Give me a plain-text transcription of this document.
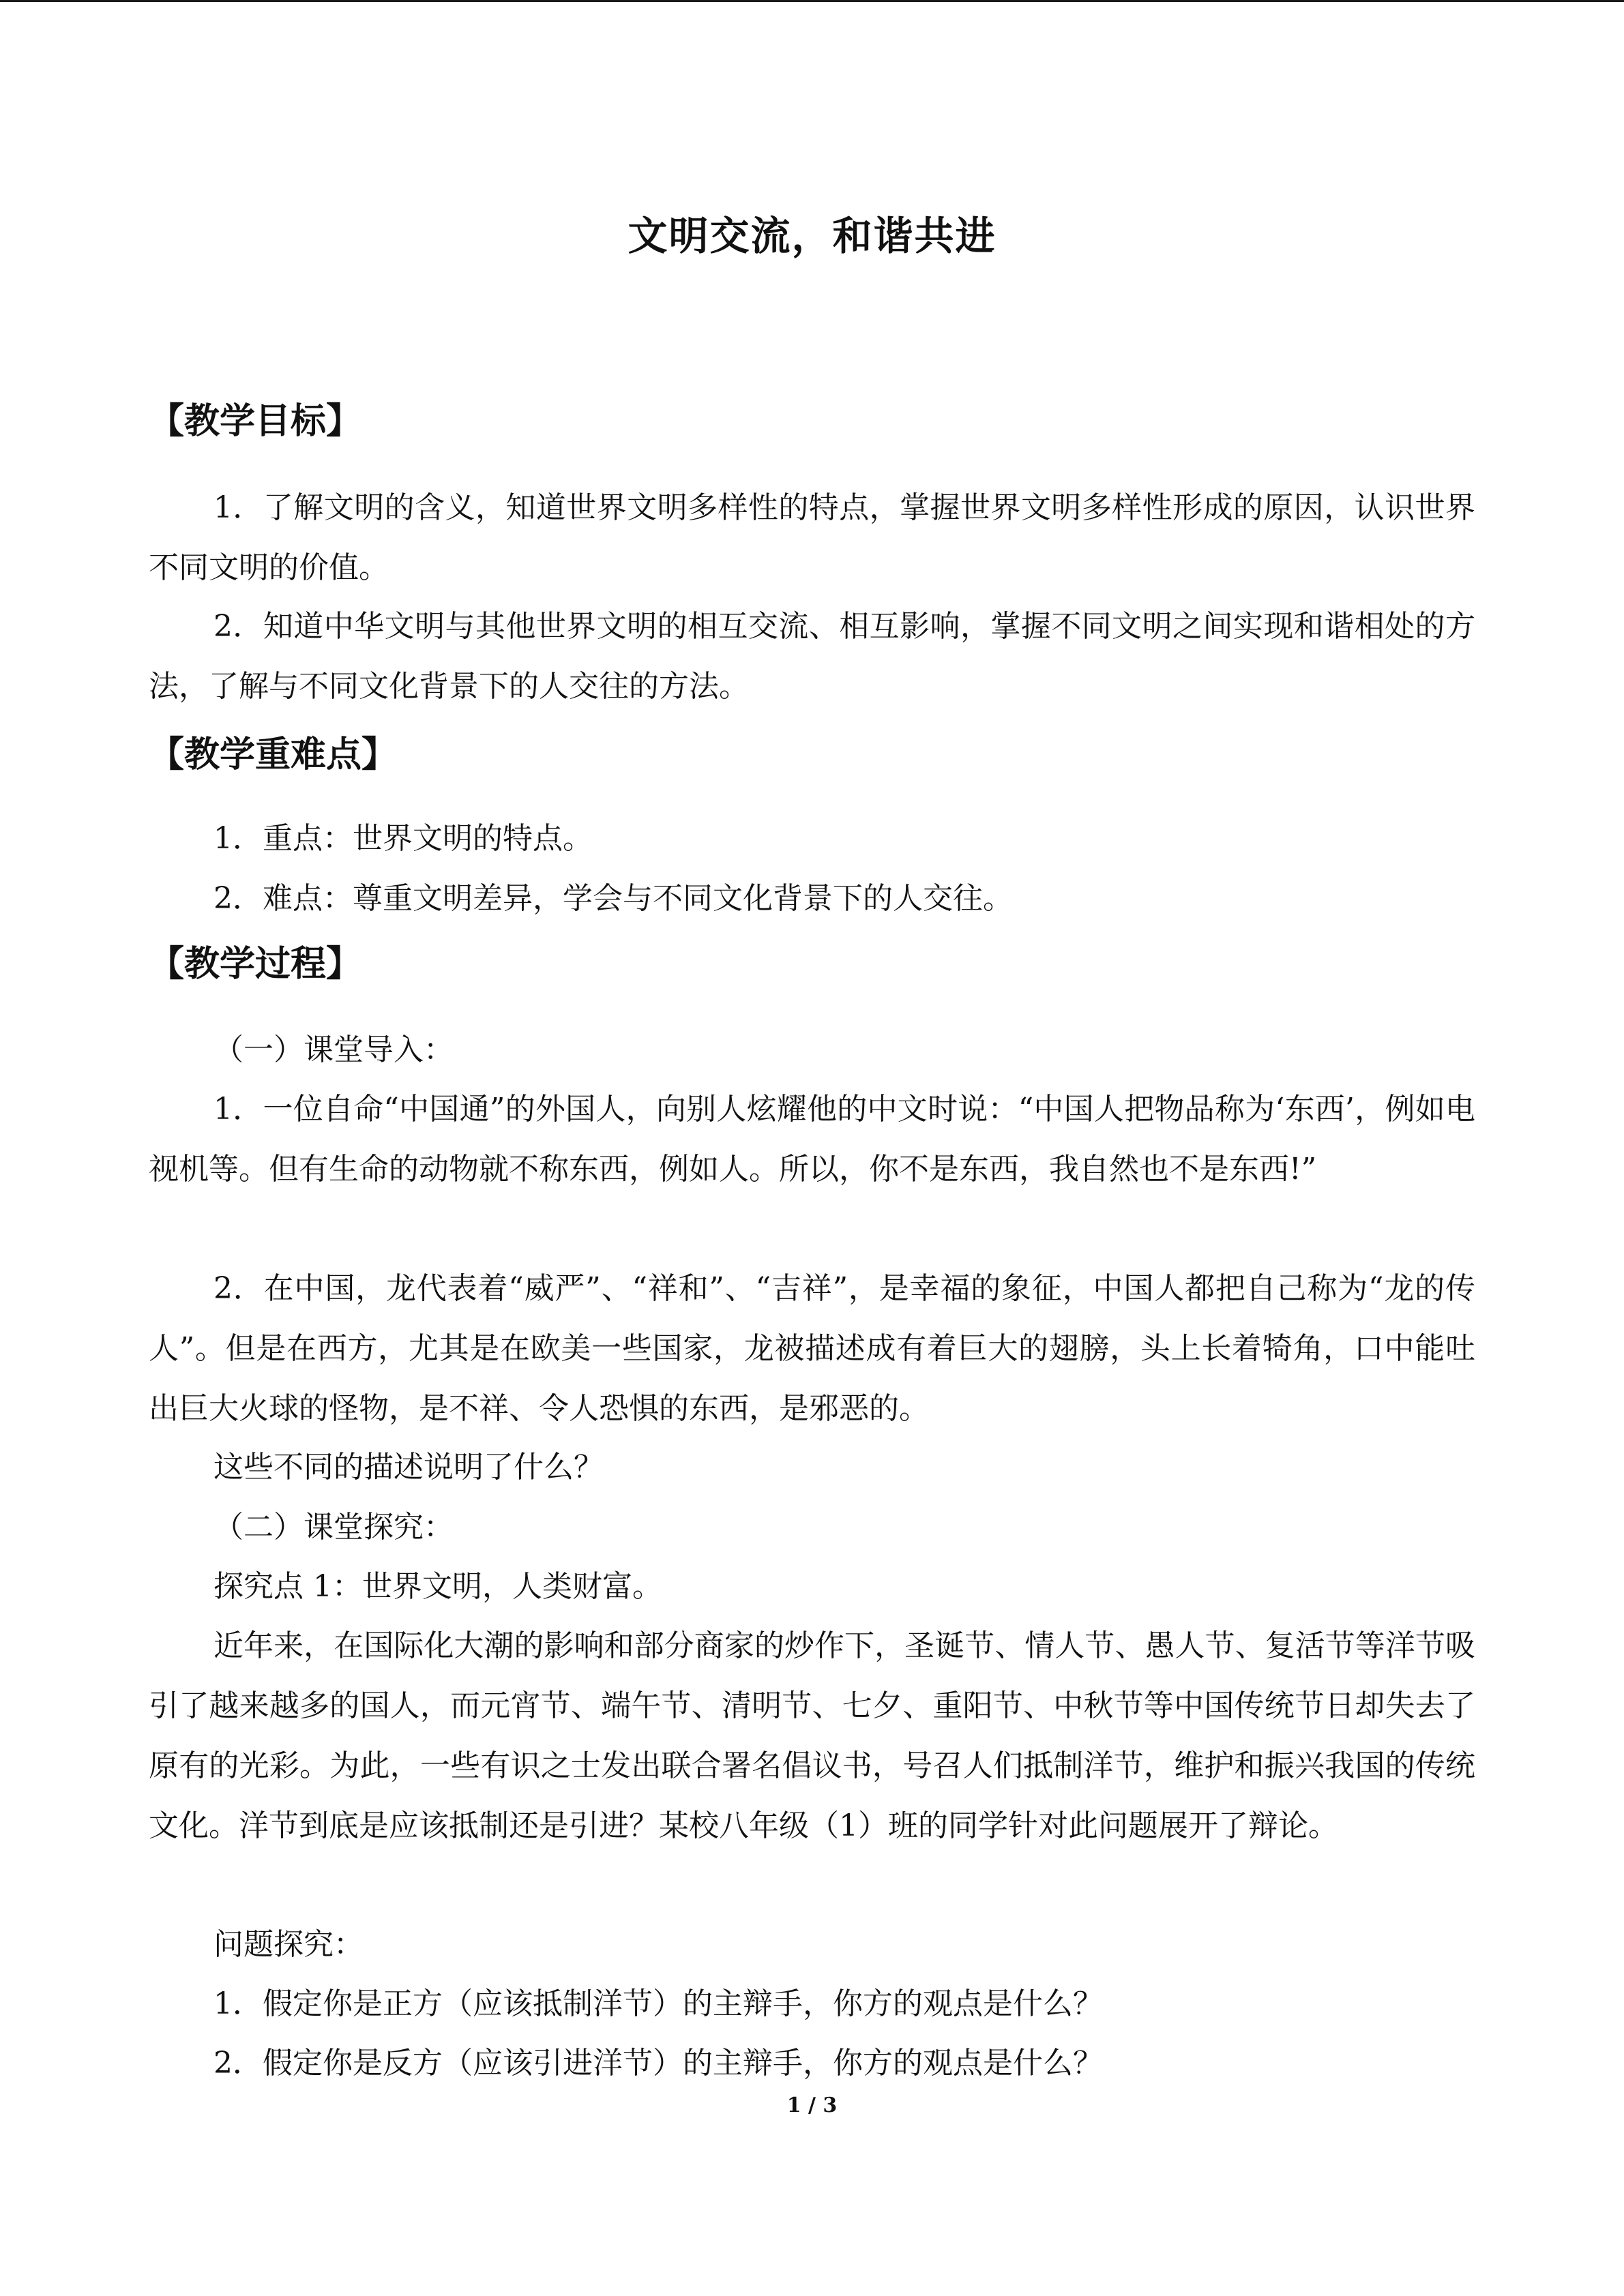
文明交流，和谐共进
【教学目标】

1．了解文明的含义，知道世界文明多样性的特点，掌握世界文明多样性形成的原因，认识世界不同文明的价值。

2．知道中华文明与其他世界文明的相互交流、相互影响，掌握不同文明之间实现和谐相处的方法，了解与不同文化背景下的人交往的方法。

【教学重难点】

1．重点：世界文明的特点。

2．难点：尊重文明差异，学会与不同文化背景下的人交往。

【教学过程】

（一）课堂导入：

1．一位自命“中国通”的外国人，向别人炫耀他的中文时说：“中国人把物品称为‘东西’，例如电视机等。但有生命的动物就不称东西，例如人。所以，你不是东西，我自然也不是东西!”

2．在中国，龙代表着“威严”、“祥和”、“吉祥”，是幸福的象征，中国人都把自己称为“龙的传人”。但是在西方，尤其是在欧美一些国家，龙被描述成有着巨大的翅膀，头上长着犄角，口中能吐出巨大火球的怪物，是不祥、令人恐惧的东西，是邪恶的。

这些不同的描述说明了什么？

（二）课堂探究：

探究点 1：世界文明，人类财富。

近年来，在国际化大潮的影响和部分商家的炒作下，圣诞节、情人节、愚人节、复活节等洋节吸引了越来越多的国人，而元宵节、端午节、清明节、七夕、重阳节、中秋节等中国传统节日却失去了原有的光彩。为此，一些有识之士发出联合署名倡议书，号召人们抵制洋节，维护和振兴我国的传统文化。洋节到底是应该抵制还是引进？某校八年级（1）班的同学针对此问题展开了辩论。

问题探究：

1．假定你是正方（应该抵制洋节）的主辩手，你方的观点是什么？

2．假定你是反方（应该引进洋节）的主辩手，你方的观点是什么？

1 / 3
